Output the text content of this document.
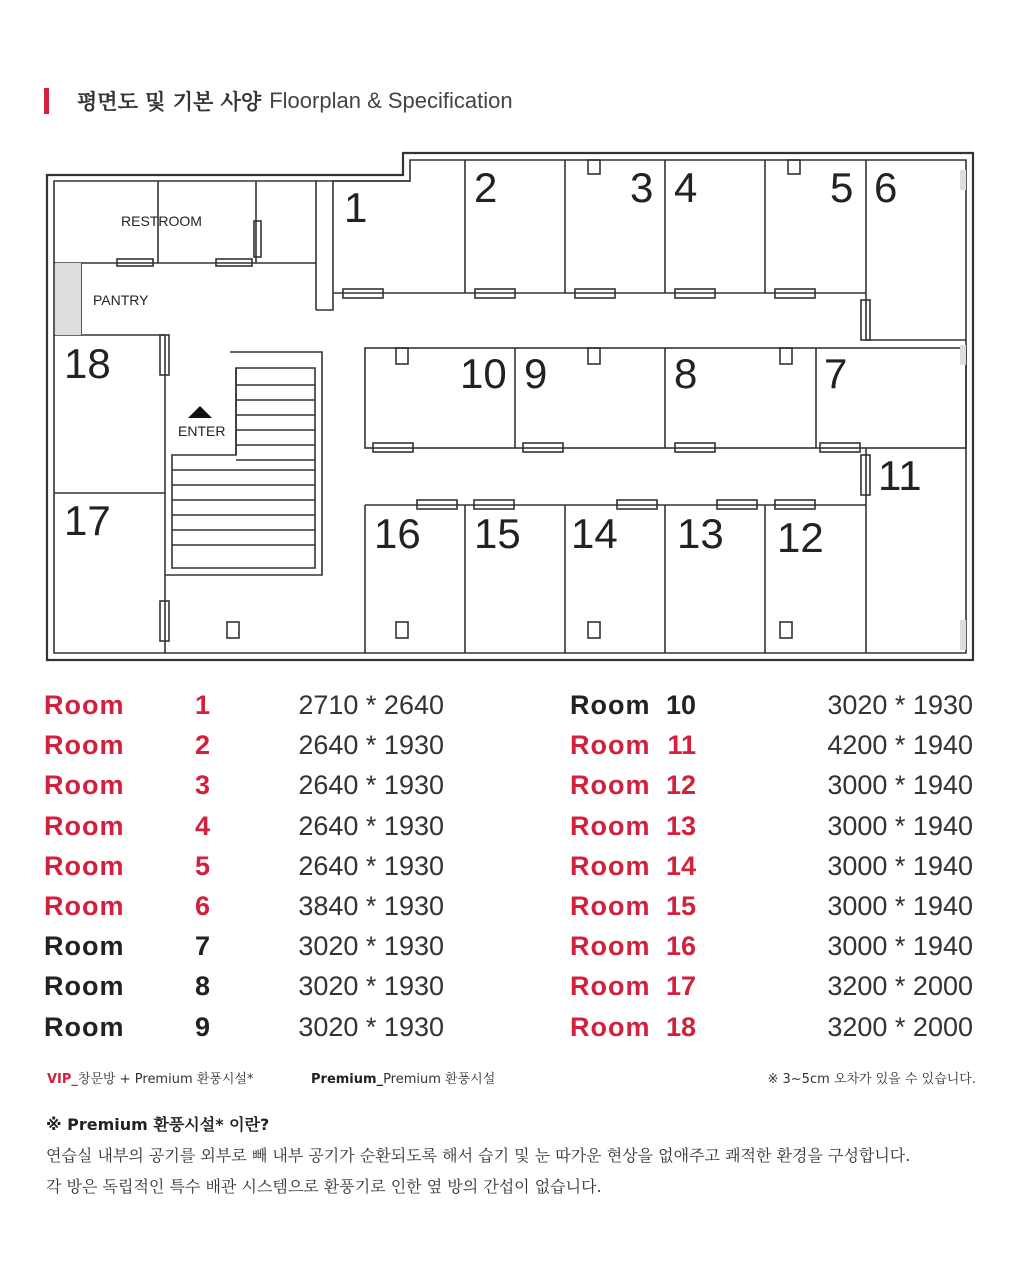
평면도 및 기본 사양 Floorplan & Specification
RESTROOM
PANTRY
ENTER
1	2	3 4	5 6
7
8
9
10
11
12
13
14
15
16
17
18
Room	1	2710 * 2640
Room	2	2640 * 1930
Room	3	2640 * 1930
Room	4	2640 * 1930
Room	5	2640 * 1930
Room	6	3840 * 1930
Room	7	3020 * 1930
Room	8	3020 * 1930
Room	9	3020 * 1930
Room 10	3020 * 1930
Room 11	4200 * 1940
Room 12	3000 * 1940
Room 13	3000 * 1940
Room 14	3000 * 1940
Room 15	3000 * 1940
Room 16	3000 * 1940
Room 17	3200 * 2000
Room 18	3200 * 2000
VIP_창문방 + Premium 환풍시설*	Premium_Premium 환풍시설	※ 3~5cm 오차가 있을 수 있습니다.
※ Premium 환풍시설* 이란?
연습실 내부의 공기를 외부로 빼 내부 공기가 순환되도록 해서 습기 및 눈 따가운 현상을 없애주고 쾌적한 환경을 구성합니다.
각 방은 독립적인 특수 배관 시스템으로 환풍기로 인한 옆 방의 간섭이 없습니다.
